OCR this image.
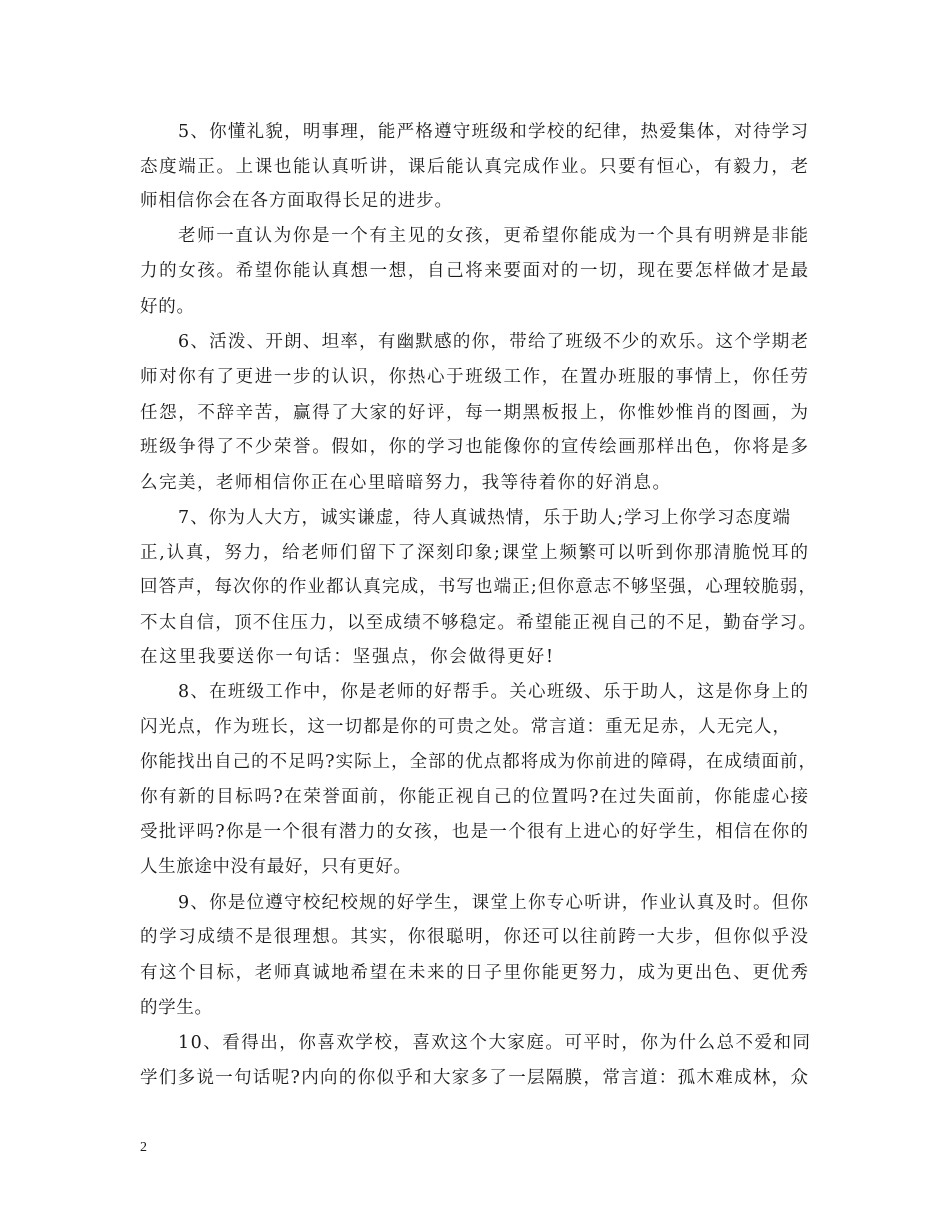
5、你懂礼貌，明事理，能严格遵守班级和学校的纪律，热爱集体，对待学习

态度端正。上课也能认真听讲，课后能认真完成作业。只要有恒心，有毅力，老

师相信你会在各方面取得长足的进步。

老师一直认为你是一个有主见的女孩，更希望你能成为一个具有明辨是非能

力的女孩。希望你能认真想一想，自己将来要面对的一切，现在要怎样做才是最

好的。

6、活泼、开朗、坦率，有幽默感的你，带给了班级不少的欢乐。这个学期老

师对你有了更进一步的认识，你热心于班级工作，在置办班服的事情上，你任劳

任怨，不辞辛苦，赢得了大家的好评，每一期黑板报上，你惟妙惟肖的图画，为

班级争得了不少荣誉。假如，你的学习也能像你的宣传绘画那样出色，你将是多

么完美，老师相信你正在心里暗暗努力，我等待着你的好消息。

7、你为人大方，诚实谦虚，待人真诚热情，乐于助人;学习上你学习态度端

正,认真，努力，给老师们留下了深刻印象;课堂上频繁可以听到你那清脆悦耳的

回答声，每次你的作业都认真完成，书写也端正;但你意志不够坚强，心理较脆弱，

不太自信，顶不住压力，以至成绩不够稳定。希望能正视自己的不足，勤奋学习。

在这里我要送你一句话：坚强点，你会做得更好!

8、在班级工作中，你是老师的好帮手。关心班级、乐于助人，这是你身上的

闪光点，作为班长，这一切都是你的可贵之处。常言道：重无足赤，人无完人，

你能找出自己的不足吗?实际上，全部的优点都将成为你前进的障碍，在成绩面前，

你有新的目标吗?在荣誉面前，你能正视自己的位置吗?在过失面前，你能虚心接

受批评吗?你是一个很有潜力的女孩，也是一个很有上进心的好学生，相信在你的

人生旅途中没有最好，只有更好。

9、你是位遵守校纪校规的好学生，课堂上你专心听讲，作业认真及时。但你

的学习成绩不是很理想。其实，你很聪明，你还可以往前跨一大步，但你似乎没

有这个目标，老师真诚地希望在未来的日子里你能更努力，成为更出色、更优秀

的学生。

10、看得出，你喜欢学校，喜欢这个大家庭。可平时，你为什么总不爱和同

学们多说一句话呢?内向的你似乎和大家多了一层隔膜，常言道：孤木难成林，众

2
